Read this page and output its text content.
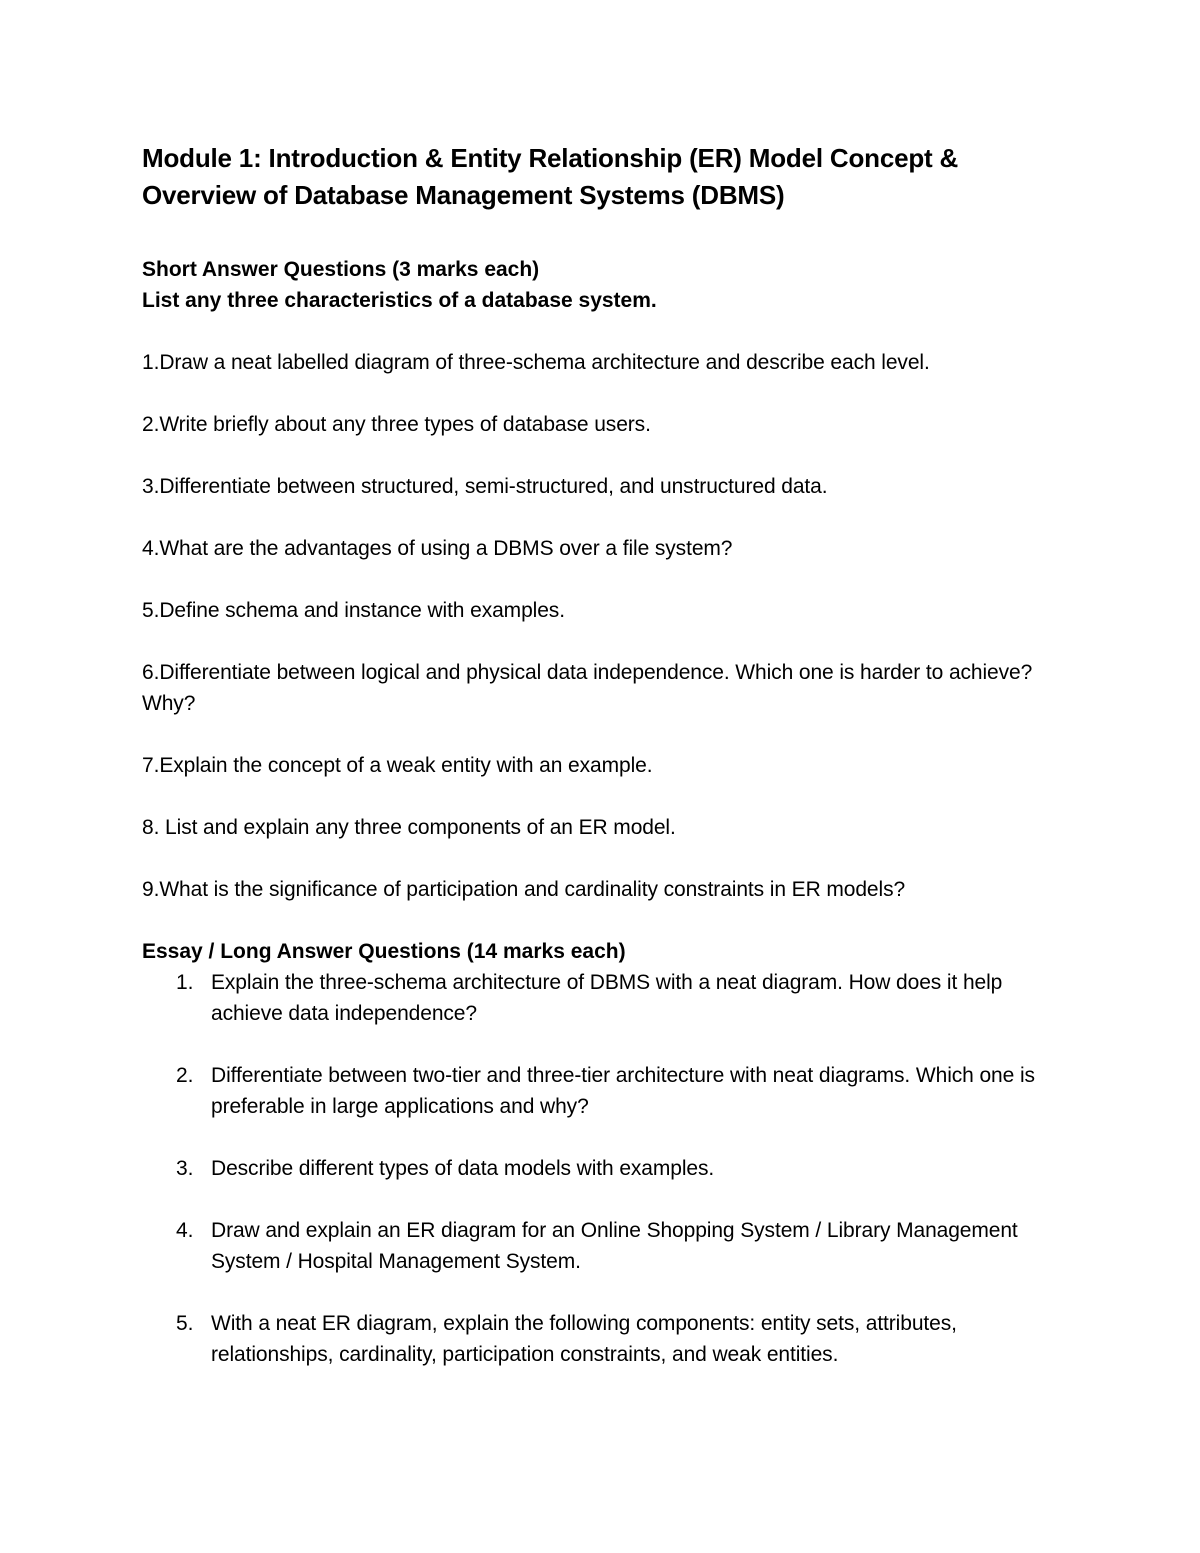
Module 1: Introduction & Entity Relationship (ER) Model Concept &
Overview of Database Management Systems (DBMS)

Short Answer Questions (3 marks each)

List any three characteristics of a database system.

1.Draw a neat labelled diagram of three-schema architecture and describe each level.
2.Write briefly about any three types of database users.
3.Differentiate between structured, semi-structured, and unstructured data.
4.What are the advantages of using a DBMS over a file system?
5.Define schema and instance with examples.
6.Differentiate between logical and physical data independence. Which one is harder to achieve? Why?
7.Explain the concept of a weak entity with an example.
8. List and explain any three components of an ER model.
9.What is the significance of participation and cardinality constraints in ER models?

Essay / Long Answer Questions (14 marks each)

1. Explain the three-schema architecture of DBMS with a neat diagram. How does it help achieve data independence?
2. Differentiate between two-tier and three-tier architecture with neat diagrams. Which one is preferable in large applications and why?
3. Describe different types of data models with examples.
4. Draw and explain an ER diagram for an Online Shopping System / Library Management System / Hospital Management System.
5. With a neat ER diagram, explain the following components: entity sets, attributes, relationships, cardinality, participation constraints, and weak entities.
